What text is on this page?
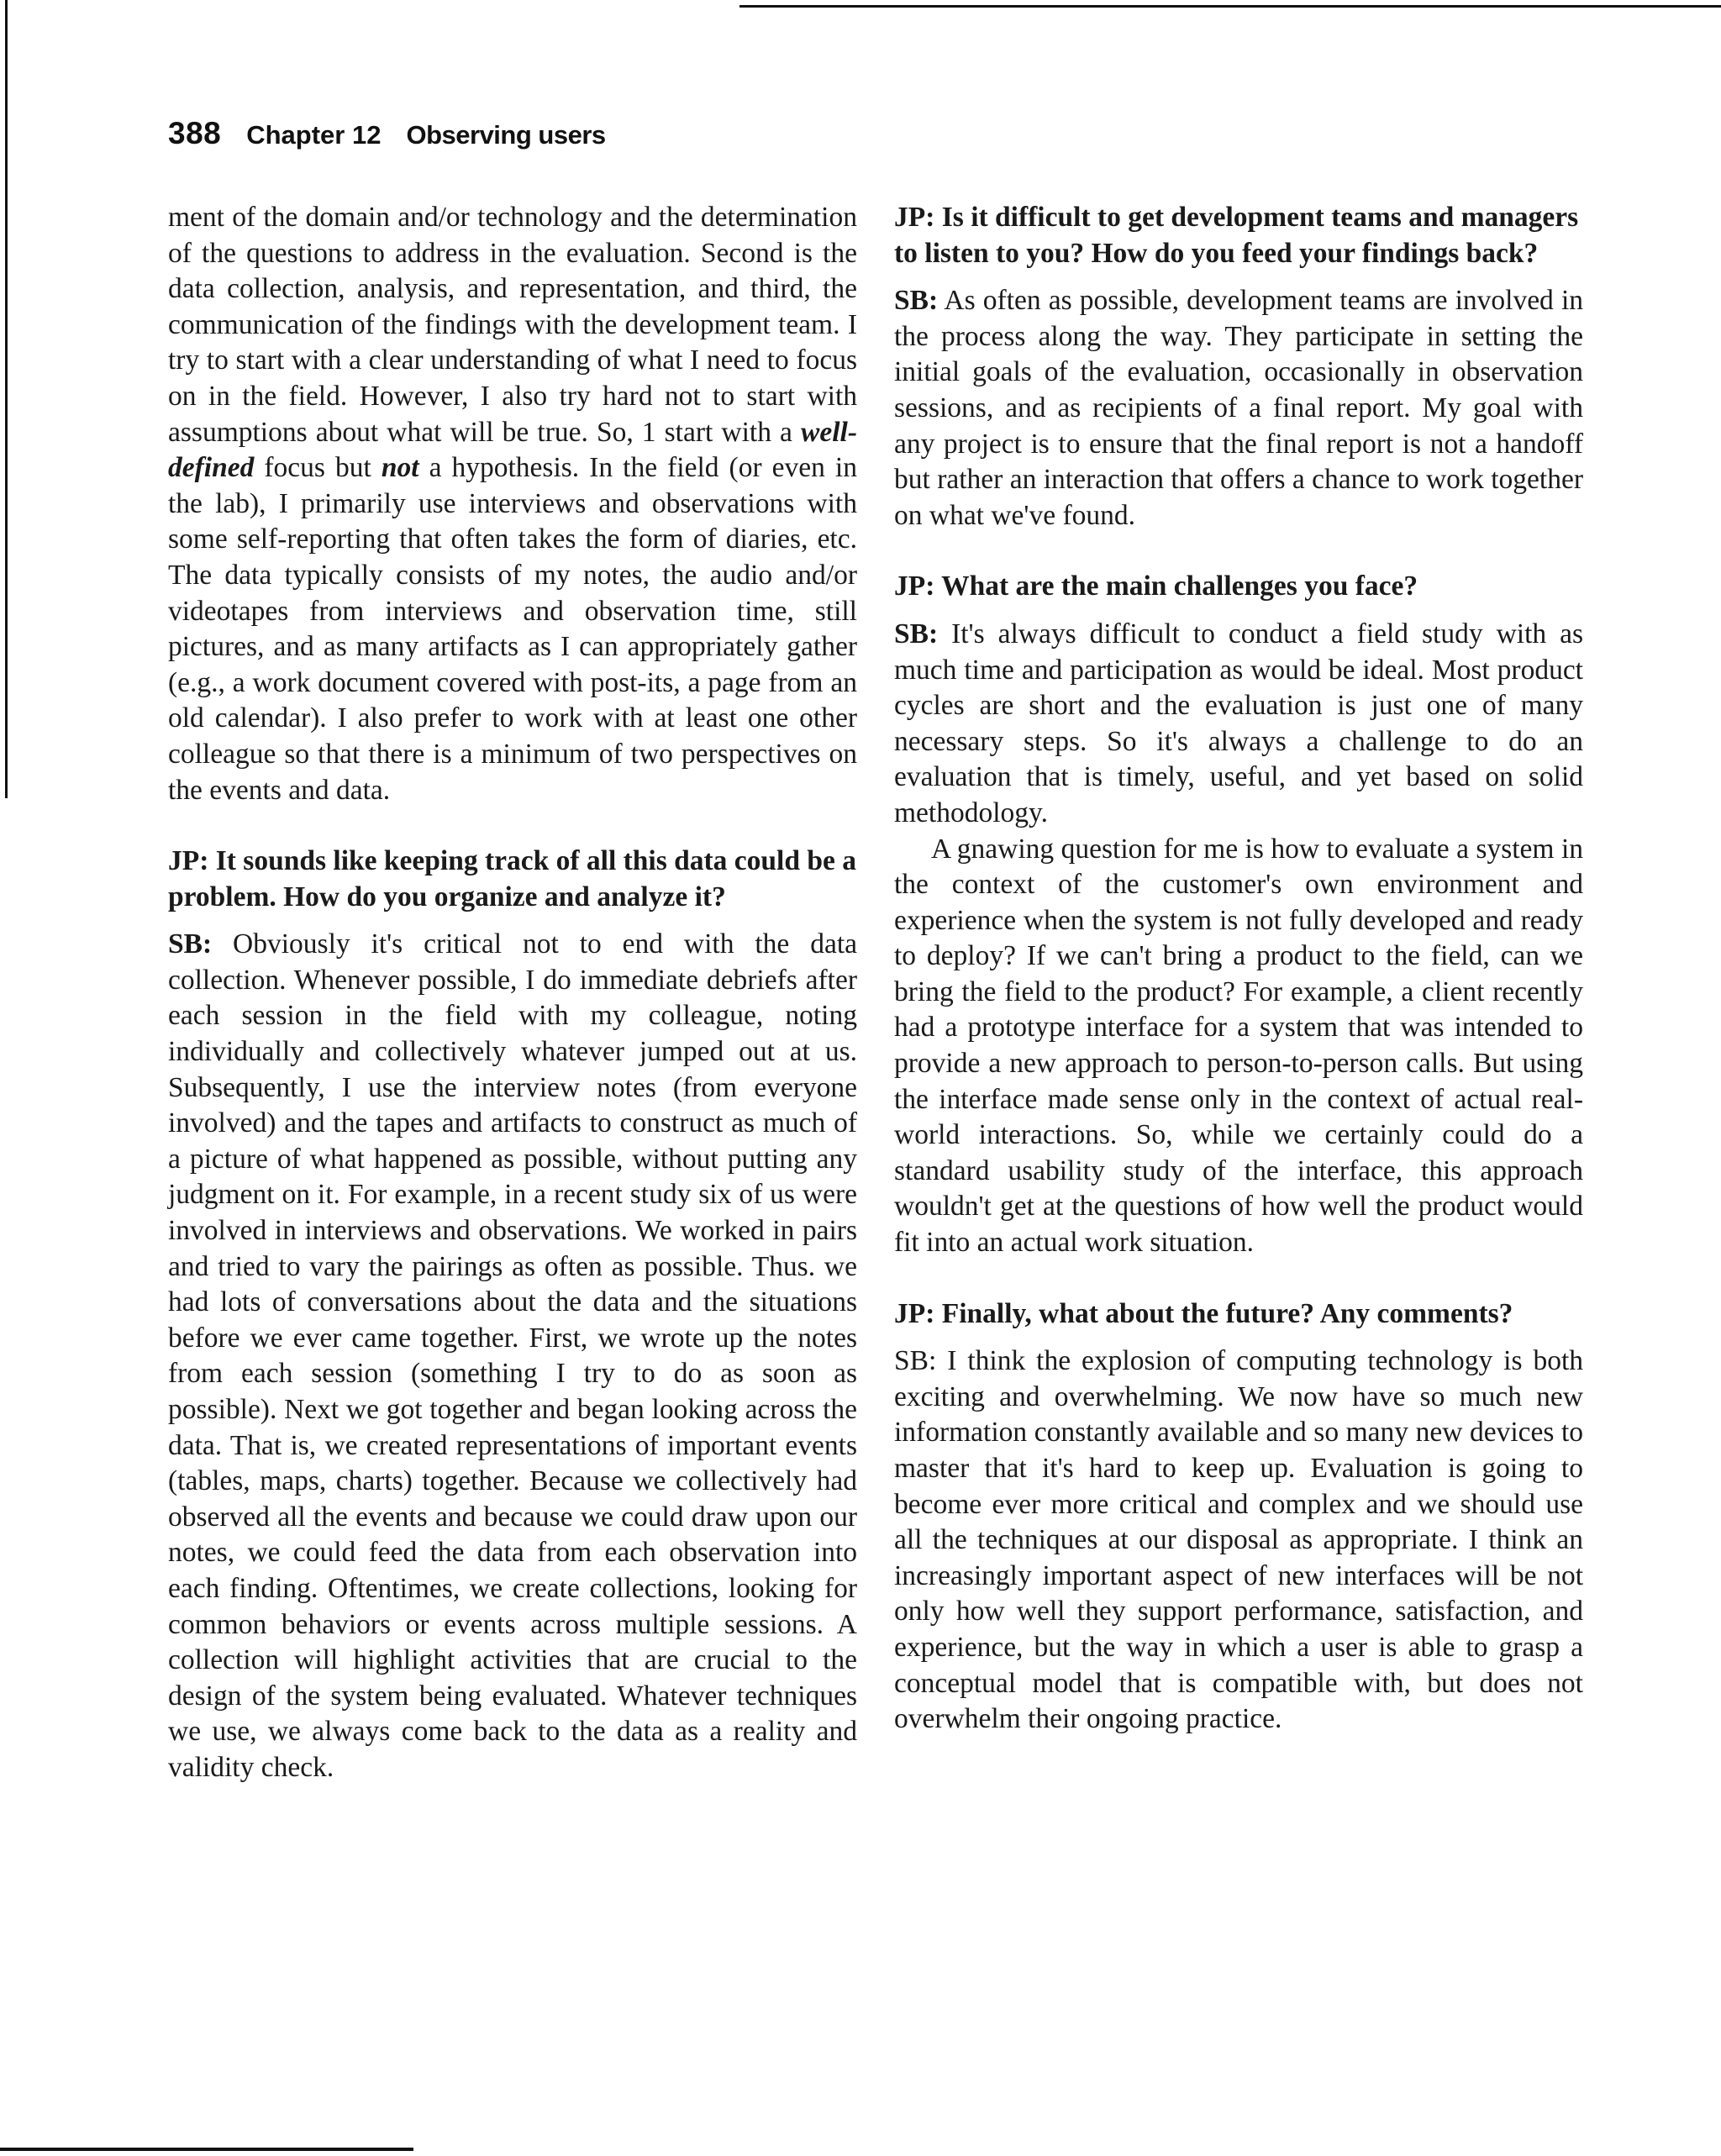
388 Chapter 12 Observing users

ment of the domain and/or technology and the determination of the questions to address in the evaluation. Second is the data collection, analysis, and representation, and third, the communication of the findings with the development team. I try to start with a clear understanding of what I need to focus on in the field. However, I also try hard not to start with assumptions about what will be true. So, 1 start with a well-defined focus but not a hypothesis. In the field (or even in the lab), I primarily use interviews and observations with some self-reporting that often takes the form of diaries, etc. The data typically consists of my notes, the audio and/or videotapes from interviews and observation time, still pictures, and as many artifacts as I can appropriately gather (e.g., a work document covered with post-its, a page from an old calendar). I also prefer to work with at least one other colleague so that there is a minimum of two perspectives on the events and data.

JP: It sounds like keeping track of all this data could be a problem. How do you organize and analyze it?

SB: Obviously it's critical not to end with the data collection. Whenever possible, I do immediate debriefs after each session in the field with my colleague, noting individually and collectively whatever jumped out at us. Subsequently, I use the interview notes (from everyone involved) and the tapes and artifacts to construct as much of a picture of what happened as possible, without putting any judgment on it. For example, in a recent study six of us were involved in interviews and observations. We worked in pairs and tried to vary the pairings as often as possible. Thus. we had lots of conversations about the data and the situations before we ever came together. First, we wrote up the notes from each session (something I try to do as soon as possible). Next we got together and began looking across the data. That is, we created representations of important events (tables, maps, charts) together. Because we collectively had observed all the events and because we could draw upon our notes, we could feed the data from each observation into each finding. Oftentimes, we create collections, looking for common behaviors or events across multiple sessions. A collection will highlight activities that are crucial to the design of the system being evaluated. Whatever techniques we use, we always come back to the data as a reality and validity check.

JP: Is it difficult to get development teams and managers to listen to you? How do you feed your findings back?

SB: As often as possible, development teams are involved in the process along the way. They participate in setting the initial goals of the evaluation, occasionally in observation sessions, and as recipients of a final report. My goal with any project is to ensure that the final report is not a handoff but rather an interaction that offers a chance to work together on what we've found.

JP: What are the main challenges you face?

SB: It's always difficult to conduct a field study with as much time and participation as would be ideal. Most product cycles are short and the evaluation is just one of many necessary steps. So it's always a challenge to do an evaluation that is timely, useful, and yet based on solid methodology.

A gnawing question for me is how to evaluate a system in the context of the customer's own environment and experience when the system is not fully developed and ready to deploy? If we can't bring a product to the field, can we bring the field to the product? For example, a client recently had a prototype interface for a system that was intended to provide a new approach to person-to-person calls. But using the interface made sense only in the context of actual real-world interactions. So, while we certainly could do a standard usability study of the interface, this approach wouldn't get at the questions of how well the product would fit into an actual work situation.

JP: Finally, what about the future? Any comments?

SB: I think the explosion of computing technology is both exciting and overwhelming. We now have so much new information constantly available and so many new devices to master that it's hard to keep up. Evaluation is going to become ever more critical and complex and we should use all the techniques at our disposal as appropriate. I think an increasingly important aspect of new interfaces will be not only how well they support performance, satisfaction, and experience, but the way in which a user is able to grasp a conceptual model that is compatible with, but does not overwhelm their ongoing practice.
